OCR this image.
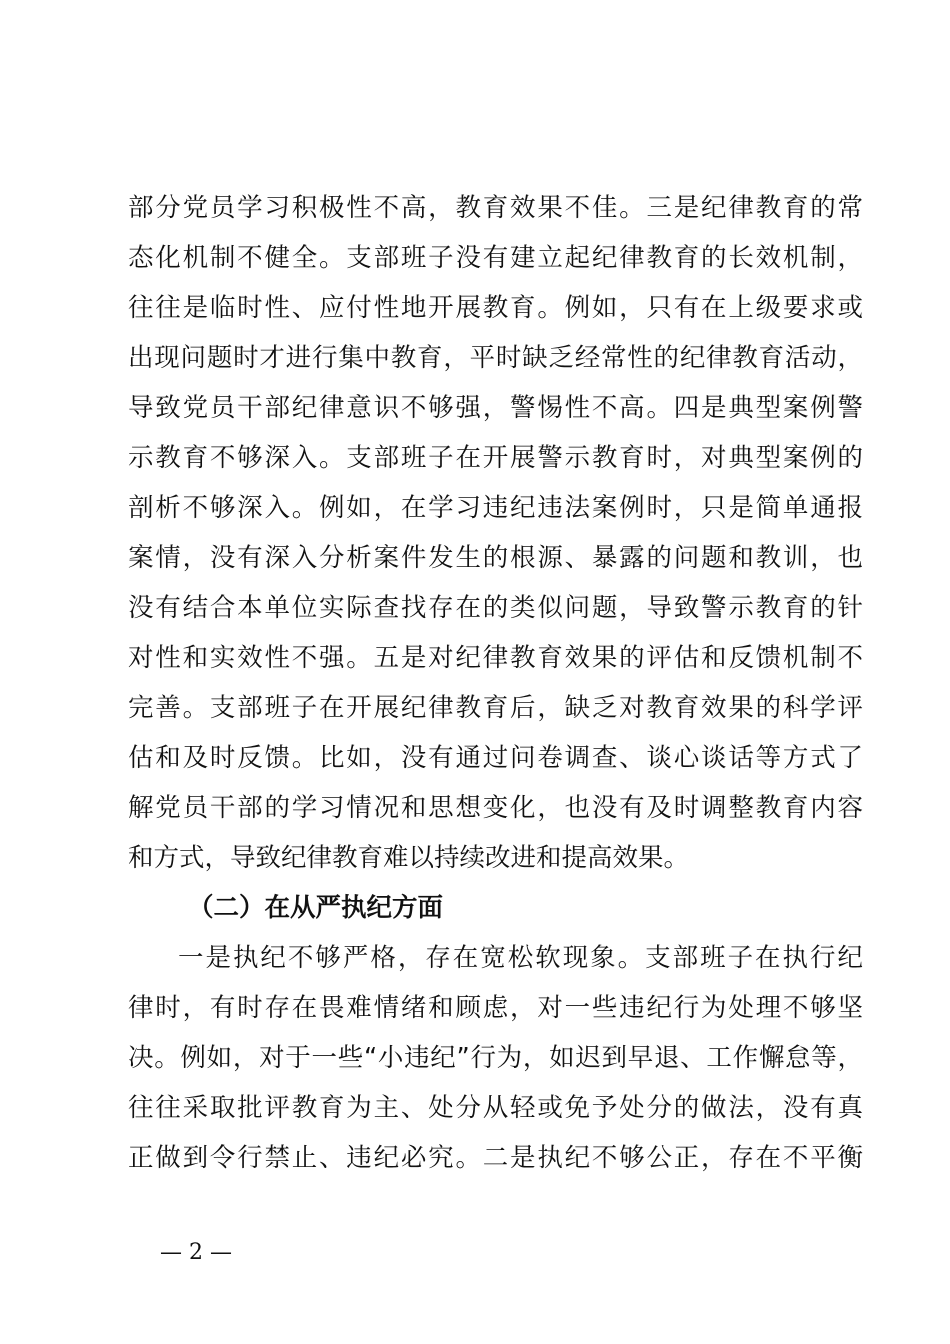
部分党员学习积极性不高，教育效果不佳。三是纪律教育的常
态化机制不健全。支部班子没有建立起纪律教育的长效机制，
往往是临时性、应付性地开展教育。例如，只有在上级要求或
出现问题时才进行集中教育，平时缺乏经常性的纪律教育活动，
导致党员干部纪律意识不够强，警惕性不高。四是典型案例警
示教育不够深入。支部班子在开展警示教育时，对典型案例的
剖析不够深入。例如，在学习违纪违法案例时，只是简单通报
案情，没有深入分析案件发生的根源、暴露的问题和教训，也
没有结合本单位实际查找存在的类似问题，导致警示教育的针
对性和实效性不强。五是对纪律教育效果的评估和反馈机制不
完善。支部班子在开展纪律教育后，缺乏对教育效果的科学评
估和及时反馈。比如，没有通过问卷调查、谈心谈话等方式了
解党员干部的学习情况和思想变化，也没有及时调整教育内容
和方式，导致纪律教育难以持续改进和提高效果。
（二）在从严执纪方面
一是执纪不够严格，存在宽松软现象。支部班子在执行纪
律时，有时存在畏难情绪和顾虑，对一些违纪行为处理不够坚
决。例如，对于一些“小违纪”行为，如迟到早退、工作懈怠等，
往往采取批评教育为主、处分从轻或免予处分的做法，没有真
正做到令行禁止、违纪必究。二是执纪不够公正，存在不平衡
— 2 —
